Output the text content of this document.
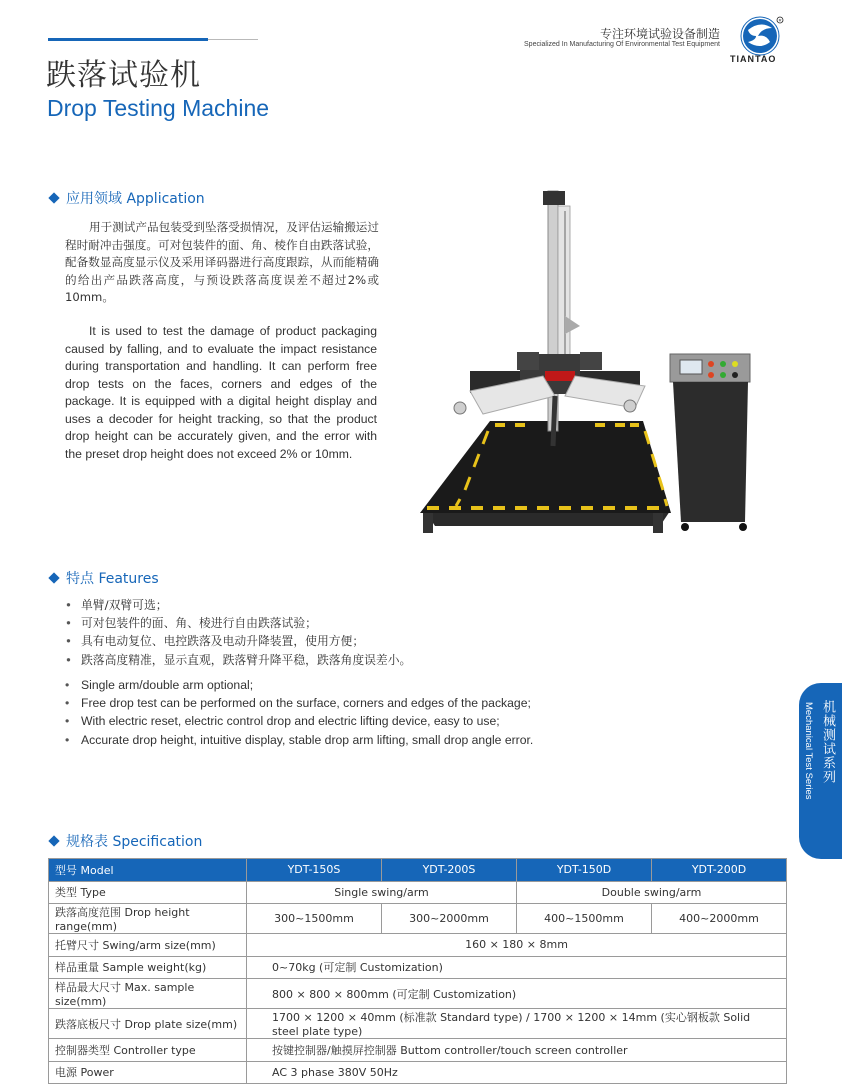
跌落试验机
Drop Testing Machine
专注环境试验设备制造
Specialized In Manufacturing Of Environmental Test Equipment
R
TIANTAO
应用领域 Application
用于测试产品包装受到坠落受损情况，及评估运输搬运过程时耐冲击强度。可对包装件的面、角、棱作自由跌落试验，配备数显高度显示仪及采用译码器进行高度跟踪，从而能精确的给出产品跌落高度，与预设跌落高度误差不超过2%或10mm。
It is used to test the damage of product packaging caused by falling, and to evaluate the impact resistance during transportation and handling. It can perform free drop tests on the faces, corners and edges of the package. It is equipped with a digital height display and uses a decoder for height tracking, so that the product drop height can be accurately given, and the error with the preset drop height does not exceed 2% or 10mm.
特点 Features
• 单臂/双臂可选；
• 可对包装件的面、角、棱进行自由跌落试验；
• 具有电动复位、电控跌落及电动升降装置，使用方便；
• 跌落高度精准，显示直观，跌落臂升降平稳，跌落角度误差小。
• Single arm/double arm optional;
• Free drop test can be performed on the surface, corners and edges of the package;
• With electric reset, electric control drop and electric lifting device, easy to use;
• Accurate drop height, intuitive display, stable drop arm lifting, small drop angle error.	机械测试系列
Mechanical Test Series
规格表 Specification
型号 Model	YDT-150S	YDT-200S	YDT-150D	YDT-200D
类型 Type	Single swing/arm		Double swing/arm	
跌落高度范围 Drop height range(mm)	300~1500mm	300~2000mm	400~1500mm	400~2000mm
托臂尺寸 Swing/arm size(mm)	160 × 180 × 8mm			
样品重量 Sample weight(kg)	0~70kg (可定制 Customization)			
样品最大尺寸 Max. sample size(mm)	800 × 800 × 800mm (可定制 Customization)			
跌落底板尺寸 Drop plate size(mm)	1700 × 1200 × 40mm (标准款 Standard type) / 1700 × 1200 × 14mm (实心钢板款 Solid steel plate type)			
控制器类型 Controller type	按键控制器/触摸屏控制器 Buttom controller/touch screen controller			
电源 Power	AC 3 phase 380V 50Hz			
